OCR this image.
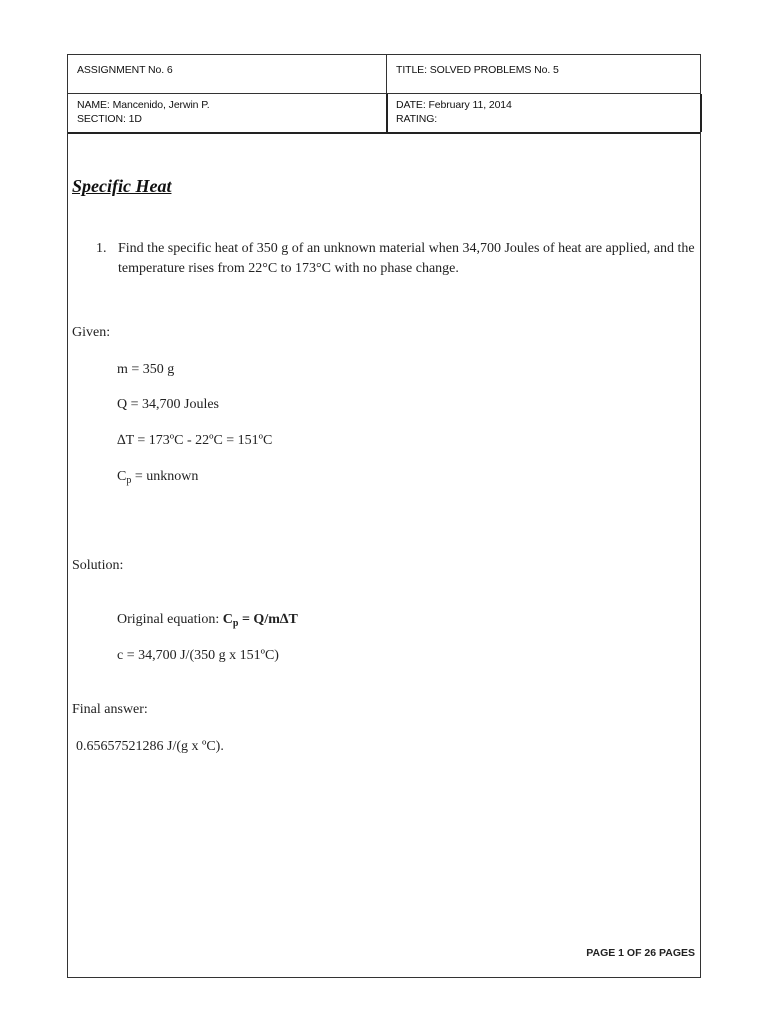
ASSIGNMENT No. 6	TITLE: SOLVED PROBLEMS No. 5
NAME: Mancenido, Jerwin P.
SECTION: 1D
DATE: February 11, 2014
RATING:
Specific Heat
1. Find the specific heat of 350 g of an unknown material when 34,700 Joules of heat are applied, and the temperature rises from 22°C to 173°C with no phase change.
Given:
m = 350 g
Q = 34,700 Joules
∆T = 173ºC - 22ºC = 151ºC
$C_p$ = unknown
Solution:
Original equation: $C_p = Q/m\Delta T$
c = 34,700 J/(350 g x 151ºC)
Final answer:
0.65657521286 J/(g x ºC).
PAGE 1 OF 26 PAGES
